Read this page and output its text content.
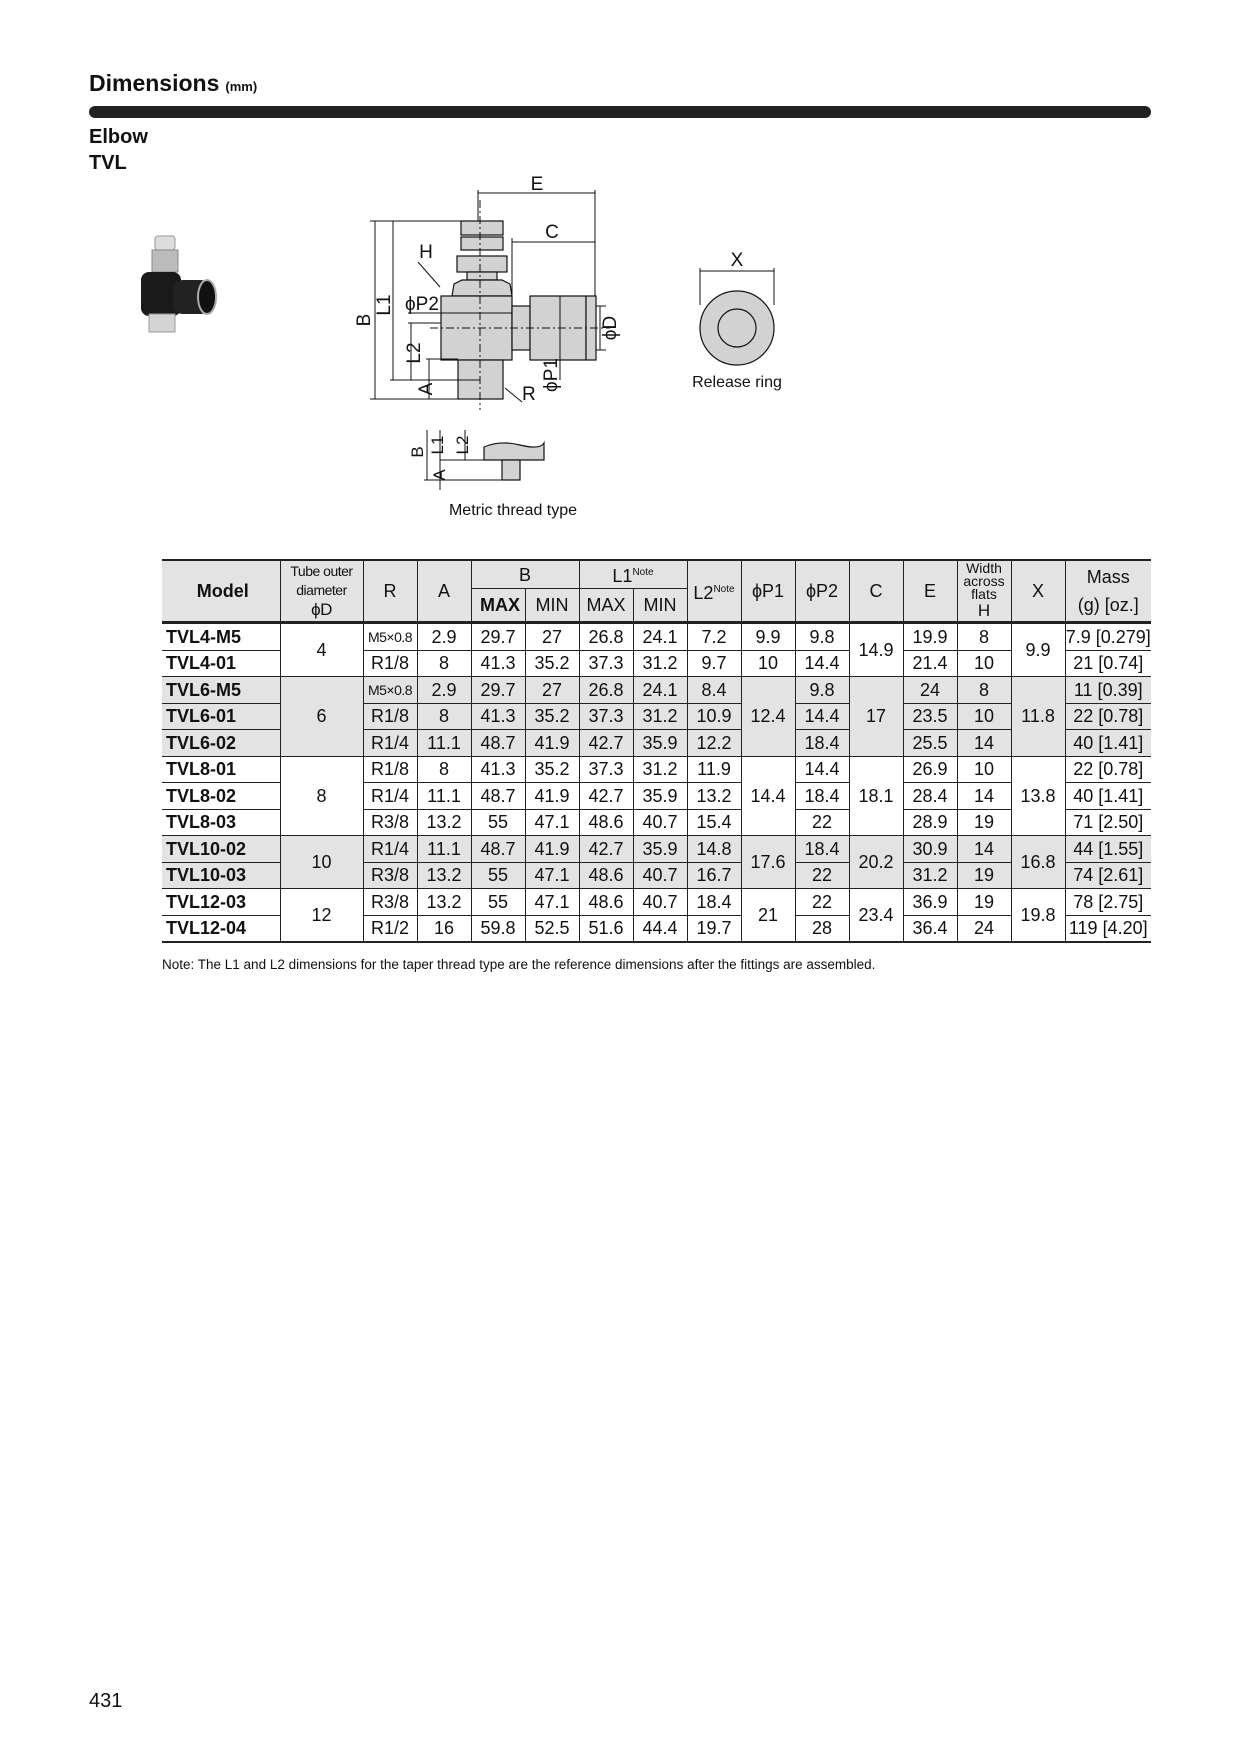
Dimensions (mm)
Elbow
TVL
E
C
H
ϕP2
R
B
L1
L2
A	ϕP1
ϕD
X
Release ring
B L1 L2
A
Metric thread type
Model	Tube outer
diameter
ϕD	R	A	B		$L1^{Note}$		$L2^{Note}$	ϕP1	ϕP2	C	E	Width
across
flats
H	X	Mass
(g) [oz.]
				MAX	MIN	MAX	MIN								
TVL4-M5	4	M5×0.8	2.9	29.7	27	26.8	24.1	7.2	9.9	9.8	14.9	19.9	8	9.9	7.9 [0.279]
TVL4-01		R1/8	8	41.3	35.2	37.3	31.2	9.7	10	14.4		21.4	10		21 [0.74]
TVL6-M5	6	M5×0.8	2.9	29.7	27	26.8	24.1	8.4	12.4	9.8	17	24	8	11.8	11 [0.39]
TVL6-01		R1/8	8	41.3	35.2	37.3	31.2	10.9		14.4		23.5	10		22 [0.78]
TVL6-02		R1/4	11.1	48.7	41.9	42.7	35.9	12.2		18.4		25.5	14		40 [1.41]
TVL8-01	8	R1/8	8	41.3	35.2	37.3	31.2	11.9	14.4	14.4	18.1	26.9	10	13.8	22 [0.78]
TVL8-02		R1/4	11.1	48.7	41.9	42.7	35.9	13.2		18.4		28.4	14		40 [1.41]
TVL8-03		R3/8	13.2	55	47.1	48.6	40.7	15.4		22		28.9	19		71 [2.50]
TVL10-02	10	R1/4	11.1	48.7	41.9	42.7	35.9	14.8	17.6	18.4	20.2	30.9	14	16.8	44 [1.55]
TVL10-03		R3/8	13.2	55	47.1	48.6	40.7	16.7		22		31.2	19		74 [2.61]
TVL12-03	12	R3/8	13.2	55	47.1	48.6	40.7	18.4	21	22	23.4	36.9	19	19.8	78 [2.75]
TVL12-04		R1/2	16	59.8	52.5	51.6	44.4	19.7		28		36.4	24		119 [4.20]
Note: The L1 and L2 dimensions for the taper thread type are the reference dimensions after the fittings are assembled.
431
